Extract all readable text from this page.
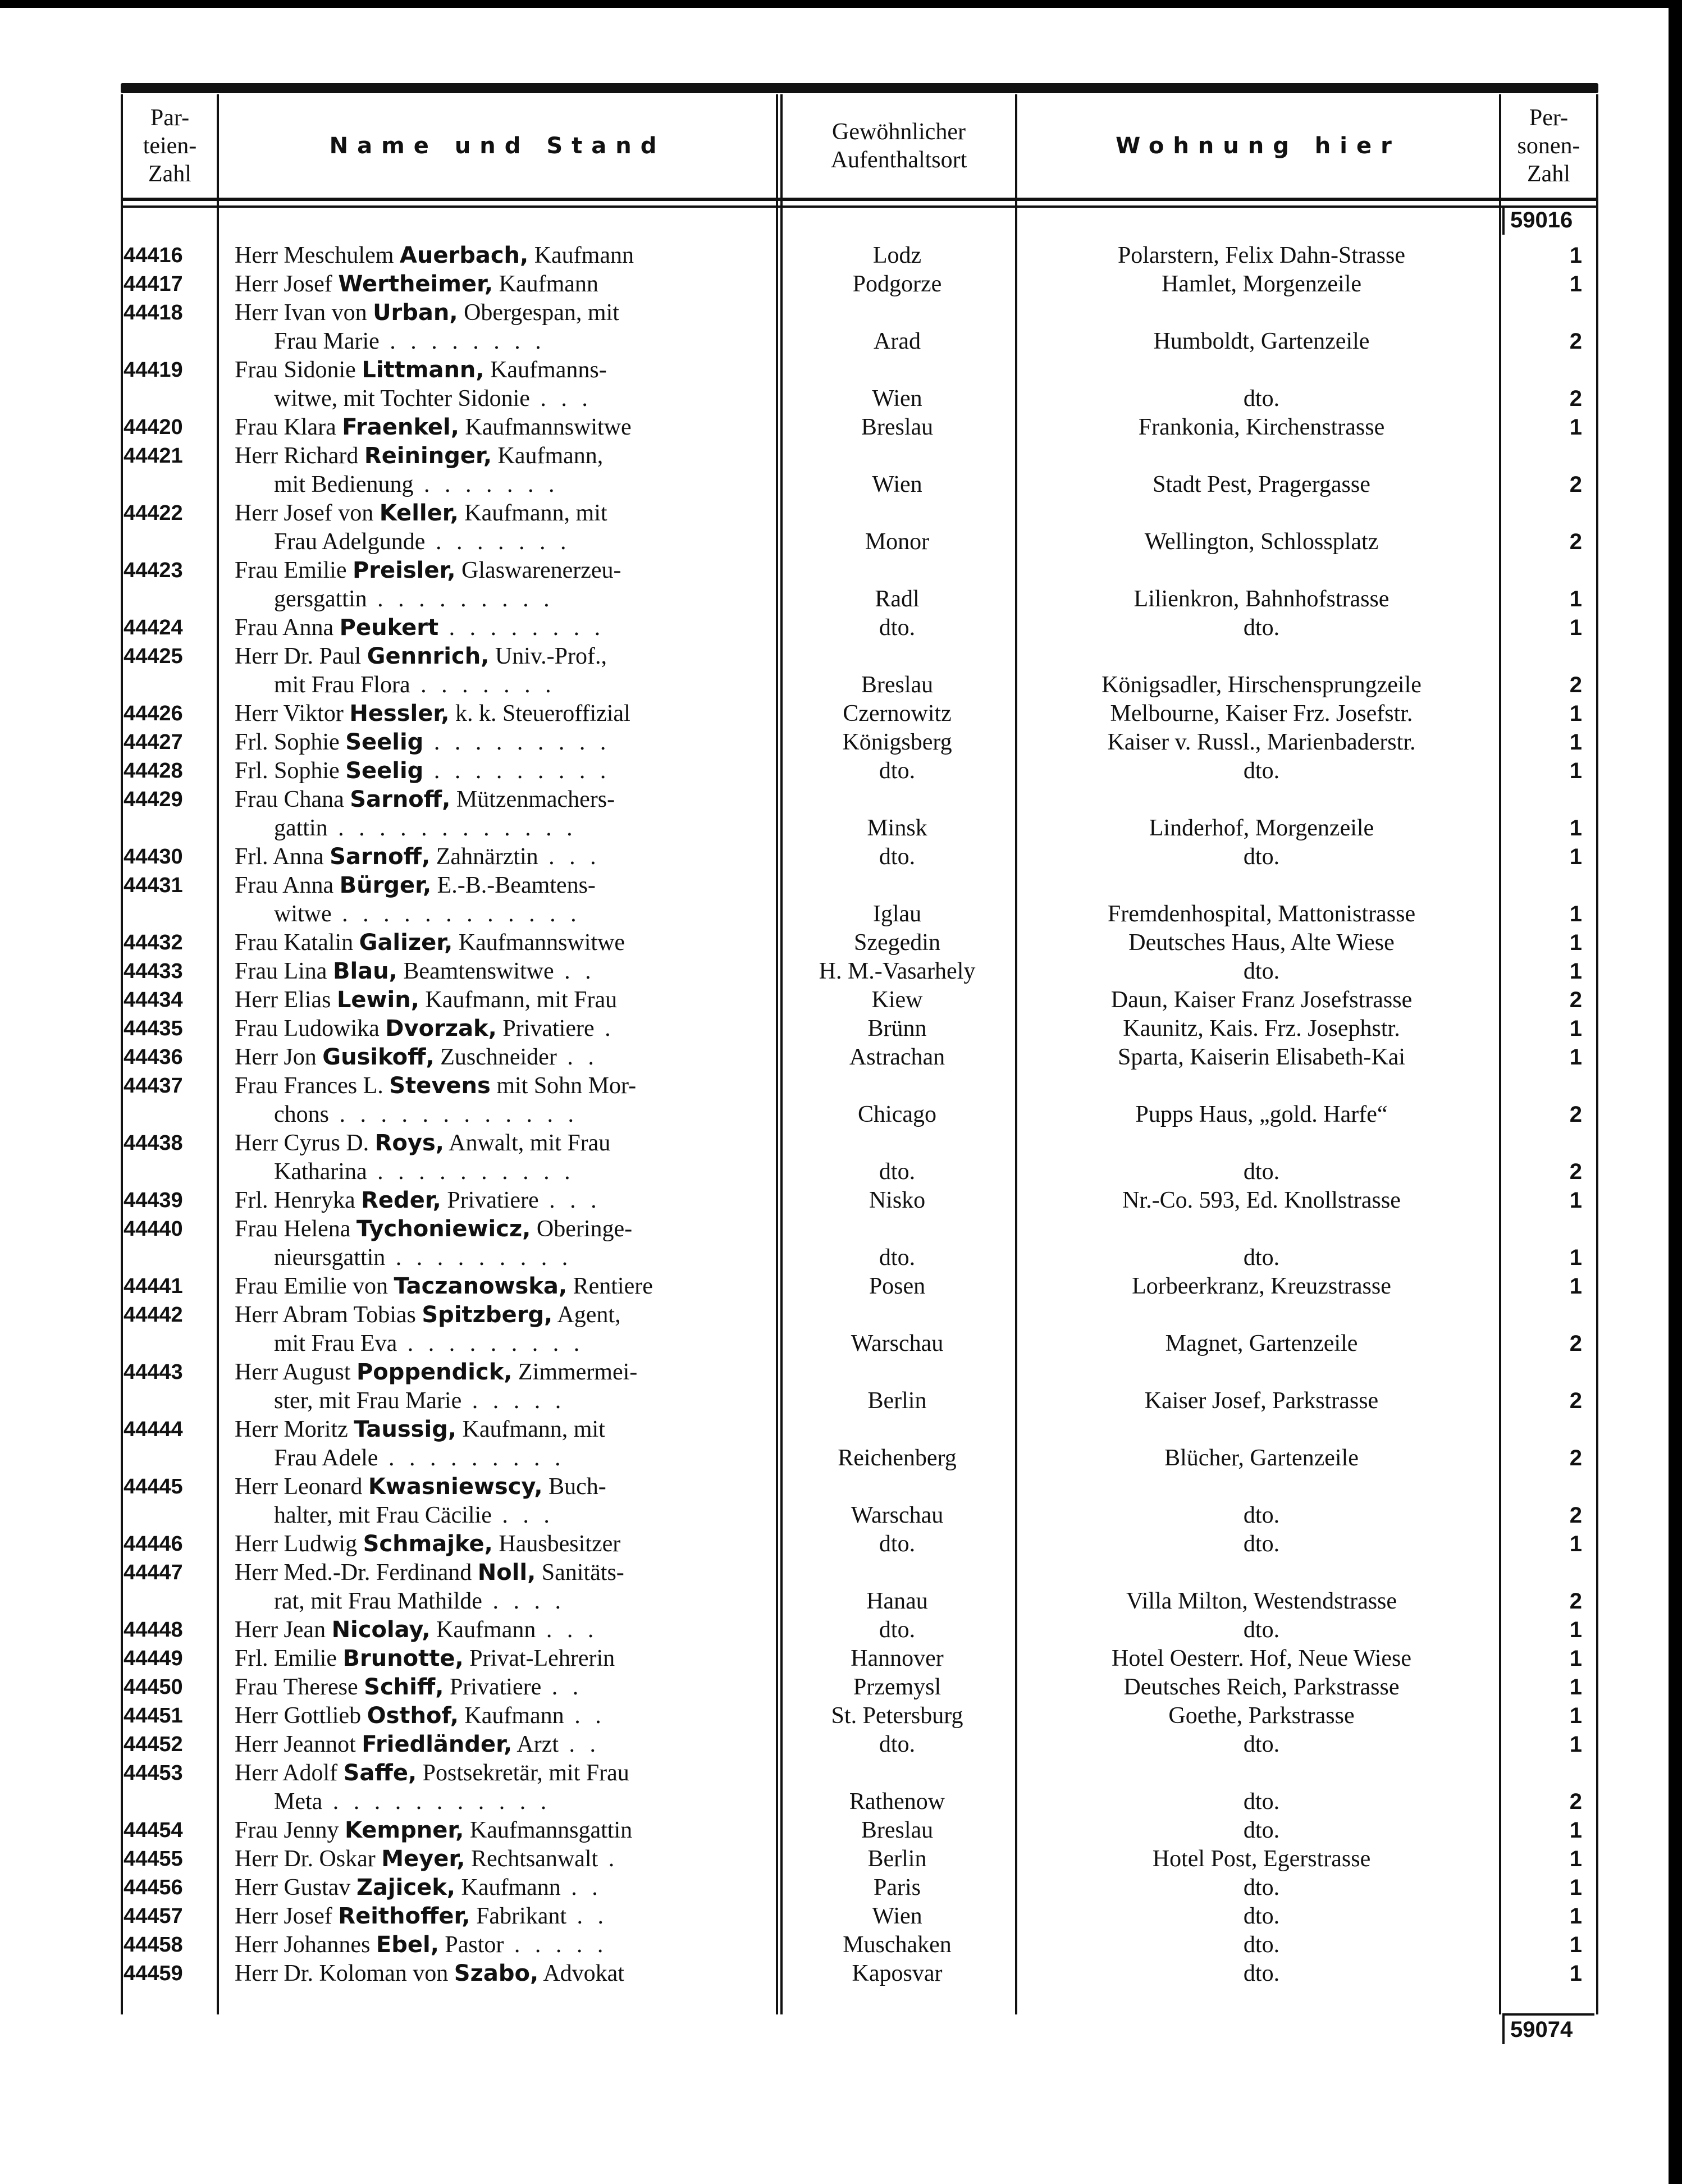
Par-
teien-
Zahl
Name und Stand
Gewöhnlicher
Aufenthaltsort
Wohnung hier
Per-
sonen-
Zahl
59016
44416	Herr Meschulem Auerbach, Kaufmann	Lodz	Polarstern, Felix Dahn-Strasse	1
44417	Herr Josef Wertheimer, Kaufmann	Podgorze	Hamlet, Morgenzeile	1
44418	Herr Ivan von Urban, Obergespan, mit
Frau Marie . . . . . . . .	Arad	Humboldt, Gartenzeile	2
44419	Frau Sidonie Littmann, Kaufmanns-
witwe, mit Tochter Sidonie . . .	Wien	dto.	2
44420	Frau Klara Fraenkel, Kaufmannswitwe	Breslau	Frankonia, Kirchenstrasse	1
44421	Herr Richard Reininger, Kaufmann,
mit Bedienung . . . . . . .	Wien	Stadt Pest, Pragergasse	2
44422	Herr Josef von Keller, Kaufmann, mit
Frau Adelgunde . . . . . . .	Monor	Wellington, Schlossplatz	2
44423	Frau Emilie Preisler, Glaswarenerzeu-
gersgattin . . . . . . . . .	Radl	Lilienkron, Bahnhofstrasse	1
44424	Frau Anna Peukert . . . . . . . .	dto.	dto.	1
44425	Herr Dr. Paul Gennrich, Univ.-Prof.,
mit Frau Flora . . . . . . .	Breslau	Königsadler, Hirschensprungzeile	2
44426	Herr Viktor Hessler, k. k. Steueroffizial	Czernowitz	Melbourne, Kaiser Frz. Josefstr.	1
44427	Frl. Sophie Seelig . . . . . . . . .	Königsberg	Kaiser v. Russl., Marienbaderstr.	1
44428	Frl. Sophie Seelig . . . . . . . . .	dto.	dto.	1
44429	Frau Chana Sarnoff, Mützenmachers-
gattin . . . . . . . . . . . .	Minsk	Linderhof, Morgenzeile	1
44430	Frl. Anna Sarnoff, Zahnärztin . . .	dto.	dto.	1
44431	Frau Anna Bürger, E.-B.-Beamtens-
witwe . . . . . . . . . . . .	Iglau	Fremdenhospital, Mattonistrasse	1
44432	Frau Katalin Galizer, Kaufmannswitwe	Szegedin	Deutsches Haus, Alte Wiese	1
44433	Frau Lina Blau, Beamtenswitwe . .	H. M.-Vasarhely	dto.	1
44434	Herr Elias Lewin, Kaufmann, mit Frau	Kiew	Daun, Kaiser Franz Josefstrasse	2
44435	Frau Ludowika Dvorzak, Privatiere .	Brünn	Kaunitz, Kais. Frz. Josephstr.	1
44436	Herr Jon Gusikoff, Zuschneider . .	Astrachan	Sparta, Kaiserin Elisabeth-Kai	1
44437	Frau Frances L. Stevens mit Sohn Mor-
chons . . . . . . . . . . . .	Chicago	Pupps Haus, „gold. Harfe“	2
44438	Herr Cyrus D. Roys, Anwalt, mit Frau
Katharina . . . . . . . . . .	dto.	dto.	2
44439	Frl. Henryka Reder, Privatiere . . .	Nisko	Nr.-Co. 593, Ed. Knollstrasse	1
44440	Frau Helena Tychoniewicz, Oberinge-
nieursgattin . . . . . . . . .	dto.	dto.	1
44441	Frau Emilie von Taczanowska, Rentiere	Posen	Lorbeerkranz, Kreuzstrasse	1
44442	Herr Abram Tobias Spitzberg, Agent,
mit Frau Eva . . . . . . . . .	Warschau	Magnet, Gartenzeile	2
44443	Herr August Poppendick, Zimmermei-
ster, mit Frau Marie . . . . .	Berlin	Kaiser Josef, Parkstrasse	2
44444	Herr Moritz Taussig, Kaufmann, mit
Frau Adele . . . . . . . . .	Reichenberg	Blücher, Gartenzeile	2
44445	Herr Leonard Kwasniewscy, Buch-
halter, mit Frau Cäcilie . . .	Warschau	dto.	2
44446	Herr Ludwig Schmajke, Hausbesitzer	dto.	dto.	1
44447	Herr Med.-Dr. Ferdinand Noll, Sanitäts-
rat, mit Frau Mathilde . . . .	Hanau	Villa Milton, Westendstrasse	2
44448	Herr Jean Nicolay, Kaufmann . . .	dto.	dto.	1
44449	Frl. Emilie Brunotte, Privat-Lehrerin	Hannover	Hotel Oesterr. Hof, Neue Wiese	1
44450	Frau Therese Schiff, Privatiere . .	Przemysl	Deutsches Reich, Parkstrasse	1
44451	Herr Gottlieb Osthof, Kaufmann . .	St. Petersburg	Goethe, Parkstrasse	1
44452	Herr Jeannot Friedländer, Arzt . .	dto.	dto.	1
44453	Herr Adolf Saffe, Postsekretär, mit Frau
Meta . . . . . . . . . . .	Rathenow	dto.	2
44454	Frau Jenny Kempner, Kaufmannsgattin	Breslau	dto.	1
44455	Herr Dr. Oskar Meyer, Rechtsanwalt .	Berlin	Hotel Post, Egerstrasse	1
44456	Herr Gustav Zajicek, Kaufmann . .	Paris	dto.	1
44457	Herr Josef Reithoffer, Fabrikant . .	Wien	dto.	1
44458	Herr Johannes Ebel, Pastor . . . . .	Muschaken	dto.	1
44459	Herr Dr. Koloman von Szabo, Advokat	Kaposvar	dto.	1
59074
